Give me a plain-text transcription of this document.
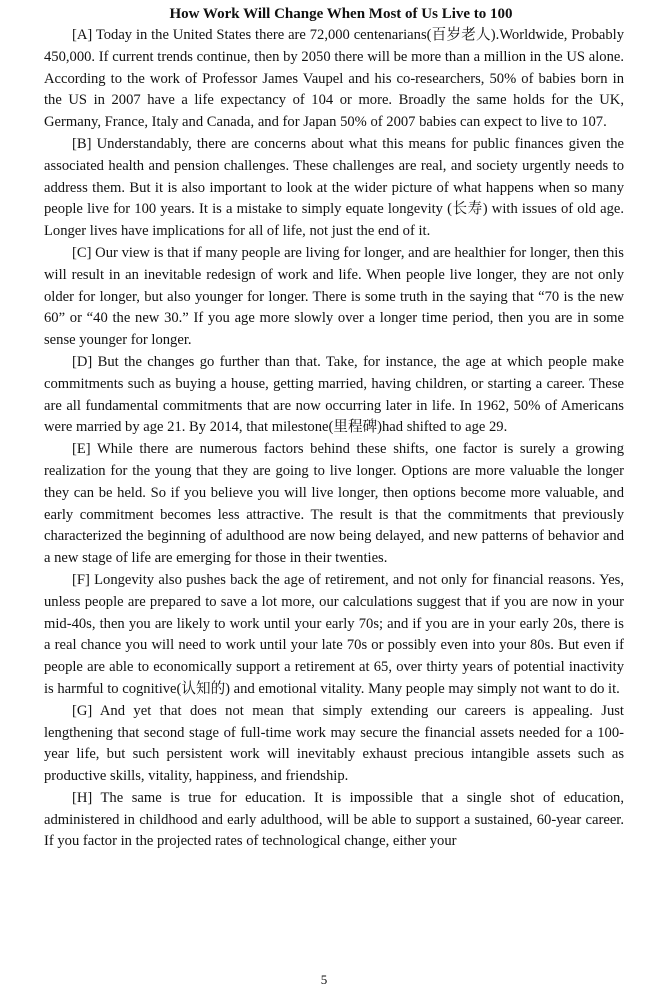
How Work Will Change When Most of Us Live to 100

[A] Today in the United States there are 72,000 centenarians(百岁老人).Worldwide, Probably 450,000. If current trends continue, then by 2050 there will be more than a million in the US alone. According to the work of Professor James Vaupel and his co-researchers, 50% of babies born in the US in 2007 have a life expectancy of 104 or more. Broadly the same holds for the UK, Germany, France, Italy and Canada, and for Japan 50% of 2007 babies can expect to live to 107.

[B] Understandably, there are concerns about what this means for public finances given the associated health and pension challenges. These challenges are real, and society urgently needs to address them. But it is also important to look at the wider picture of what happens when so many people live for 100 years. It is a mistake to simply equate longevity (长寿) with issues of old age. Longer lives have implications for all of life, not just the end of it.

[C] Our view is that if many people are living for longer, and are healthier for longer, then this will result in an inevitable redesign of work and life. When people live longer, they are not only older for longer, but also younger for longer. There is some truth in the saying that “70 is the new 60” or “40 the new 30.” If you age more slowly over a longer time period, then you are in some sense younger for longer.

[D] But the changes go further than that. Take, for instance, the age at which people make commitments such as buying a house, getting married, having children, or starting a career. These are all fundamental commitments that are now occurring later in life. In 1962, 50% of Americans were married by age 21. By 2014, that milestone(里程碑)had shifted to age 29.

[E] While there are numerous factors behind these shifts, one factor is surely a growing realization for the young that they are going to live longer. Options are more valuable the longer they can be held. So if you believe you will live longer, then options become more valuable, and early commitment becomes less attractive. The result is that the commitments that previously characterized the beginning of adulthood are now being delayed, and new patterns of behavior and a new stage of life are emerging for those in their twenties.

[F] Longevity also pushes back the age of retirement, and not only for financial reasons. Yes, unless people are prepared to save a lot more, our calculations suggest that if you are now in your mid-40s, then you are likely to work until your early 70s; and if you are in your early 20s, there is a real chance you will need to work until your late 70s or possibly even into your 80s. But even if people are able to economically support a retirement at 65, over thirty years of potential inactivity is harmful to cognitive(认知的) and emotional vitality. Many people may simply not want to do it.

[G] And yet that does not mean that simply extending our careers is appealing. Just lengthening that second stage of full-time work may secure the financial assets needed for a 100-year life, but such persistent work will inevitably exhaust precious intangible assets such as productive skills, vitality, happiness, and friendship.

[H] The same is true for education. It is impossible that a single shot of education, administered in childhood and early adulthood, will be able to support a sustained, 60-year career. If you factor in the projected rates of technological change, either your

5
